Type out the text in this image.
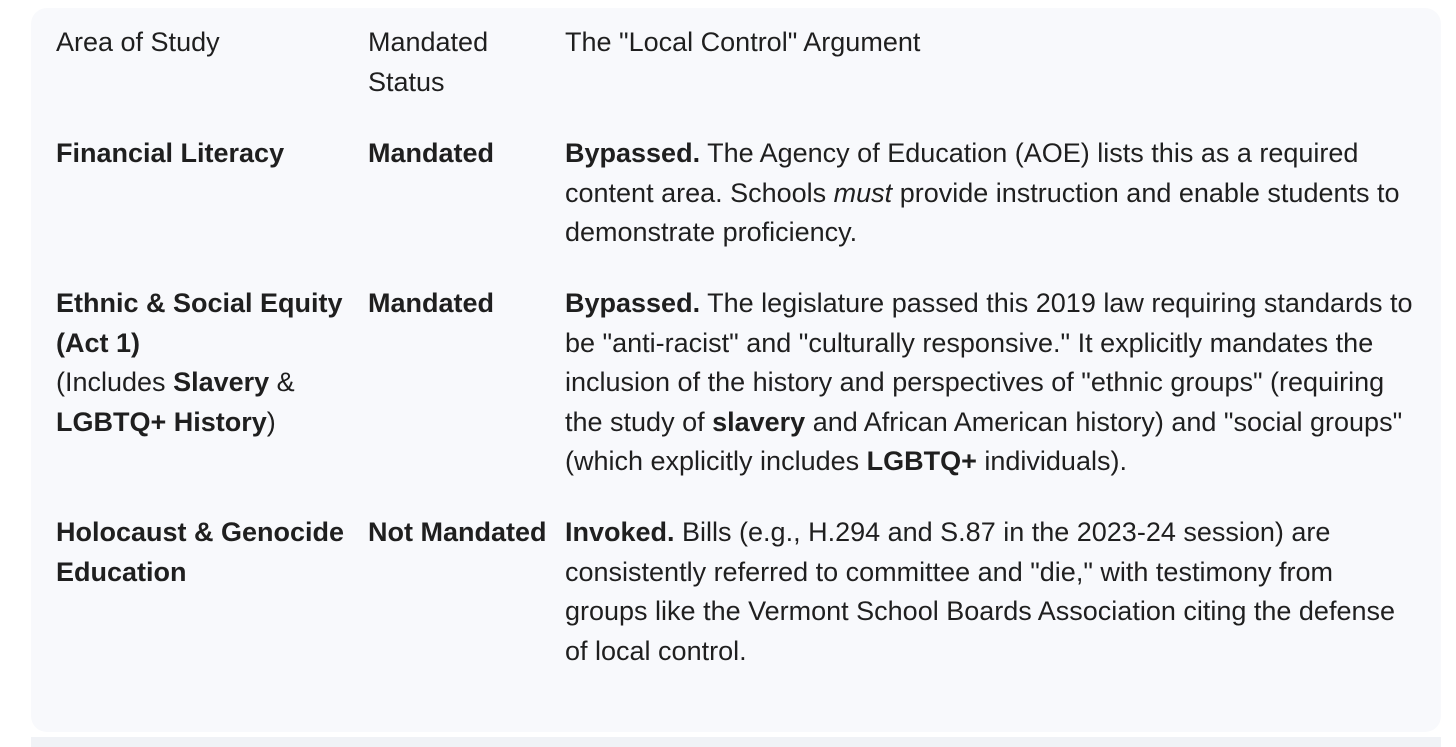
Area of Study	Mandated Status	The "Local Control" Argument
Financial Literacy	Mandated	Bypassed. The Agency of Education (AOE) lists this as a required content area. Schools must provide instruction and enable students to demonstrate proficiency.
Ethnic & Social Equity (Act 1)
(Includes Slavery & LGBTQ+ History)	Mandated	Bypassed. The legislature passed this 2019 law requiring standards to be "anti-racist" and "culturally responsive." It explicitly mandates the inclusion of the history and perspectives of "ethnic groups" (requiring the study of slavery and African American history) and "social groups" (which explicitly includes LGBTQ+ individuals).
Holocaust & Genocide Education	Not Mandated	Invoked. Bills (e.g., H.294 and S.87 in the 2023-24 session) are consistently referred to committee and "die," with testimony from groups like the Vermont School Boards Association citing the defense of local control.
